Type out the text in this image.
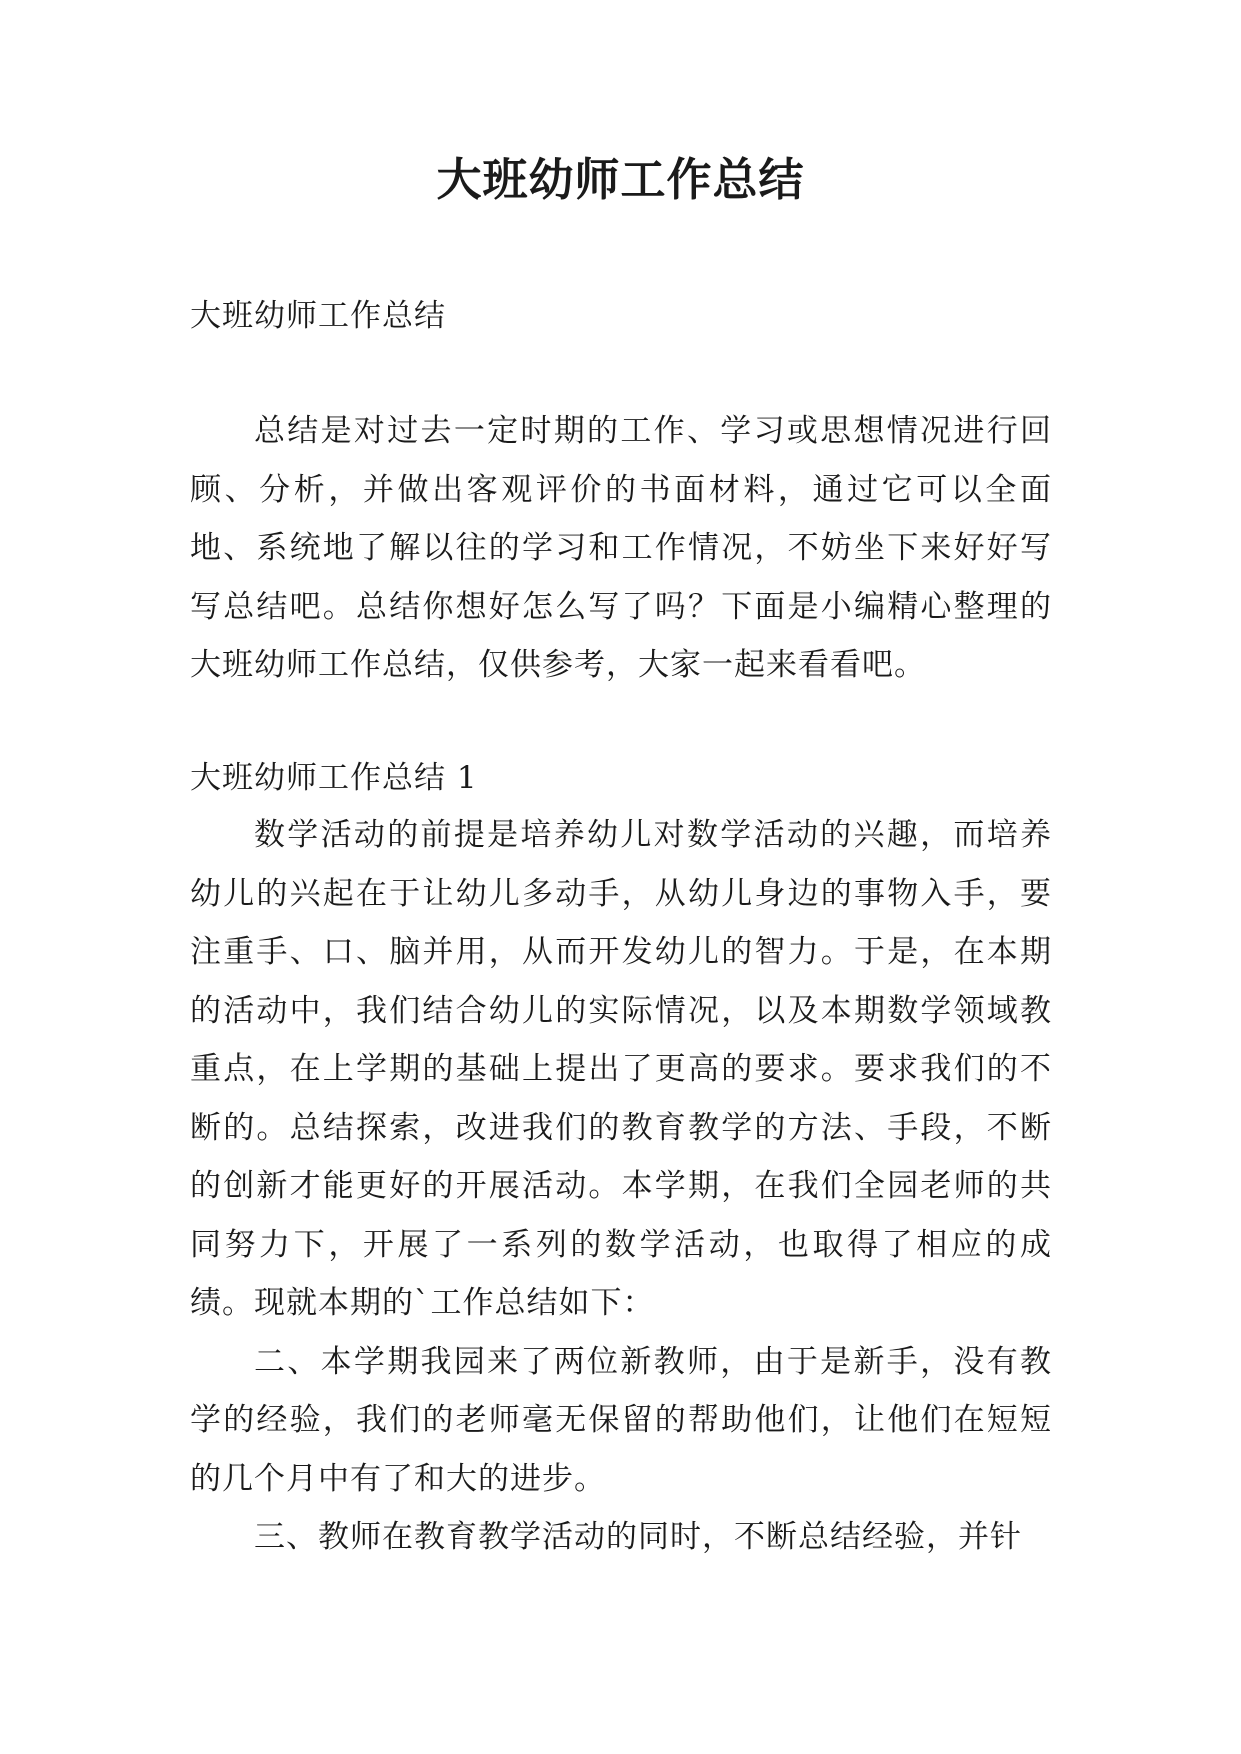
大班幼师工作总结

大班幼师工作总结

总结是对过去一定时期的工作、学习或思想情况进行回顾、分析，并做出客观评价的书面材料，通过它可以全面地、系统地了解以往的学习和工作情况，不妨坐下来好好写写总结吧。总结你想好怎么写了吗？下面是小编精心整理的大班幼师工作总结，仅供参考，大家一起来看看吧。

大班幼师工作总结 1

数学活动的前提是培养幼儿对数学活动的兴趣，而培养幼儿的兴起在于让幼儿多动手，从幼儿身边的事物入手，要注重手、口、脑并用，从而开发幼儿的智力。于是，在本期的活动中，我们结合幼儿的实际情况，以及本期数学领域教重点，在上学期的基础上提出了更高的要求。要求我们的不断的。总结探索，改进我们的教育教学的方法、手段，不断的创新才能更好的开展活动。本学期，在我们全园老师的共同努力下，开展了一系列的数学活动，也取得了相应的成绩。现就本期的`工作总结如下：

二、本学期我园来了两位新教师，由于是新手，没有教学的经验，我们的老师毫无保留的帮助他们，让他们在短短的几个月中有了和大的进步。

三、教师在教育教学活动的同时，不断总结经验，并针
